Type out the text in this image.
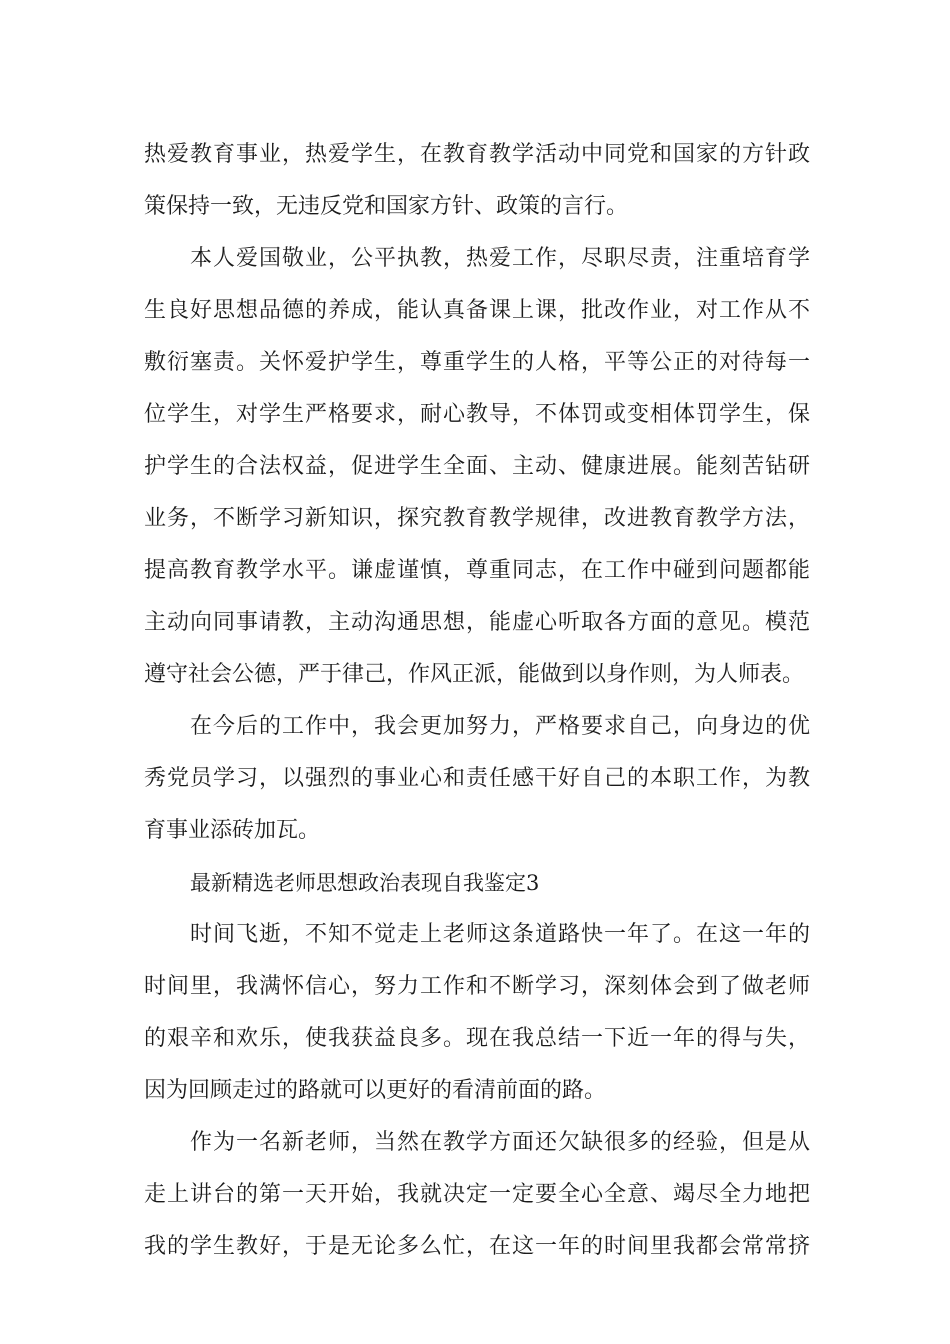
热爱教育事业，热爱学生，在教育教学活动中同党和国家的方针政
策保持一致，无违反党和国家方针、政策的言行。
本人爱国敬业，公平执教，热爱工作，尽职尽责，注重培育学
生良好思想品德的养成，能认真备课上课，批改作业，对工作从不
敷衍塞责。关怀爱护学生，尊重学生的人格，平等公正的对待每一
位学生，对学生严格要求，耐心教导，不体罚或变相体罚学生，保
护学生的合法权益，促进学生全面、主动、健康进展。能刻苦钻研
业务，不断学习新知识，探究教育教学规律，改进教育教学方法，
提高教育教学水平。谦虚谨慎，尊重同志，在工作中碰到问题都能
主动向同事请教，主动沟通思想，能虚心听取各方面的意见。模范
遵守社会公德，严于律己，作风正派，能做到以身作则，为人师表。
在今后的工作中，我会更加努力，严格要求自己，向身边的优
秀党员学习，以强烈的事业心和责任感干好自己的本职工作，为教
育事业添砖加瓦。
最新精选老师思想政治表现自我鉴定3
时间飞逝，不知不觉走上老师这条道路快一年了。在这一年的
时间里，我满怀信心，努力工作和不断学习，深刻体会到了做老师
的艰辛和欢乐，使我获益良多。现在我总结一下近一年的得与失，
因为回顾走过的路就可以更好的看清前面的路。
作为一名新老师，当然在教学方面还欠缺很多的经验，但是从
走上讲台的第一天开始，我就决定一定要全心全意、竭尽全力地把
我的学生教好，于是无论多么忙，在这一年的时间里我都会常常挤
